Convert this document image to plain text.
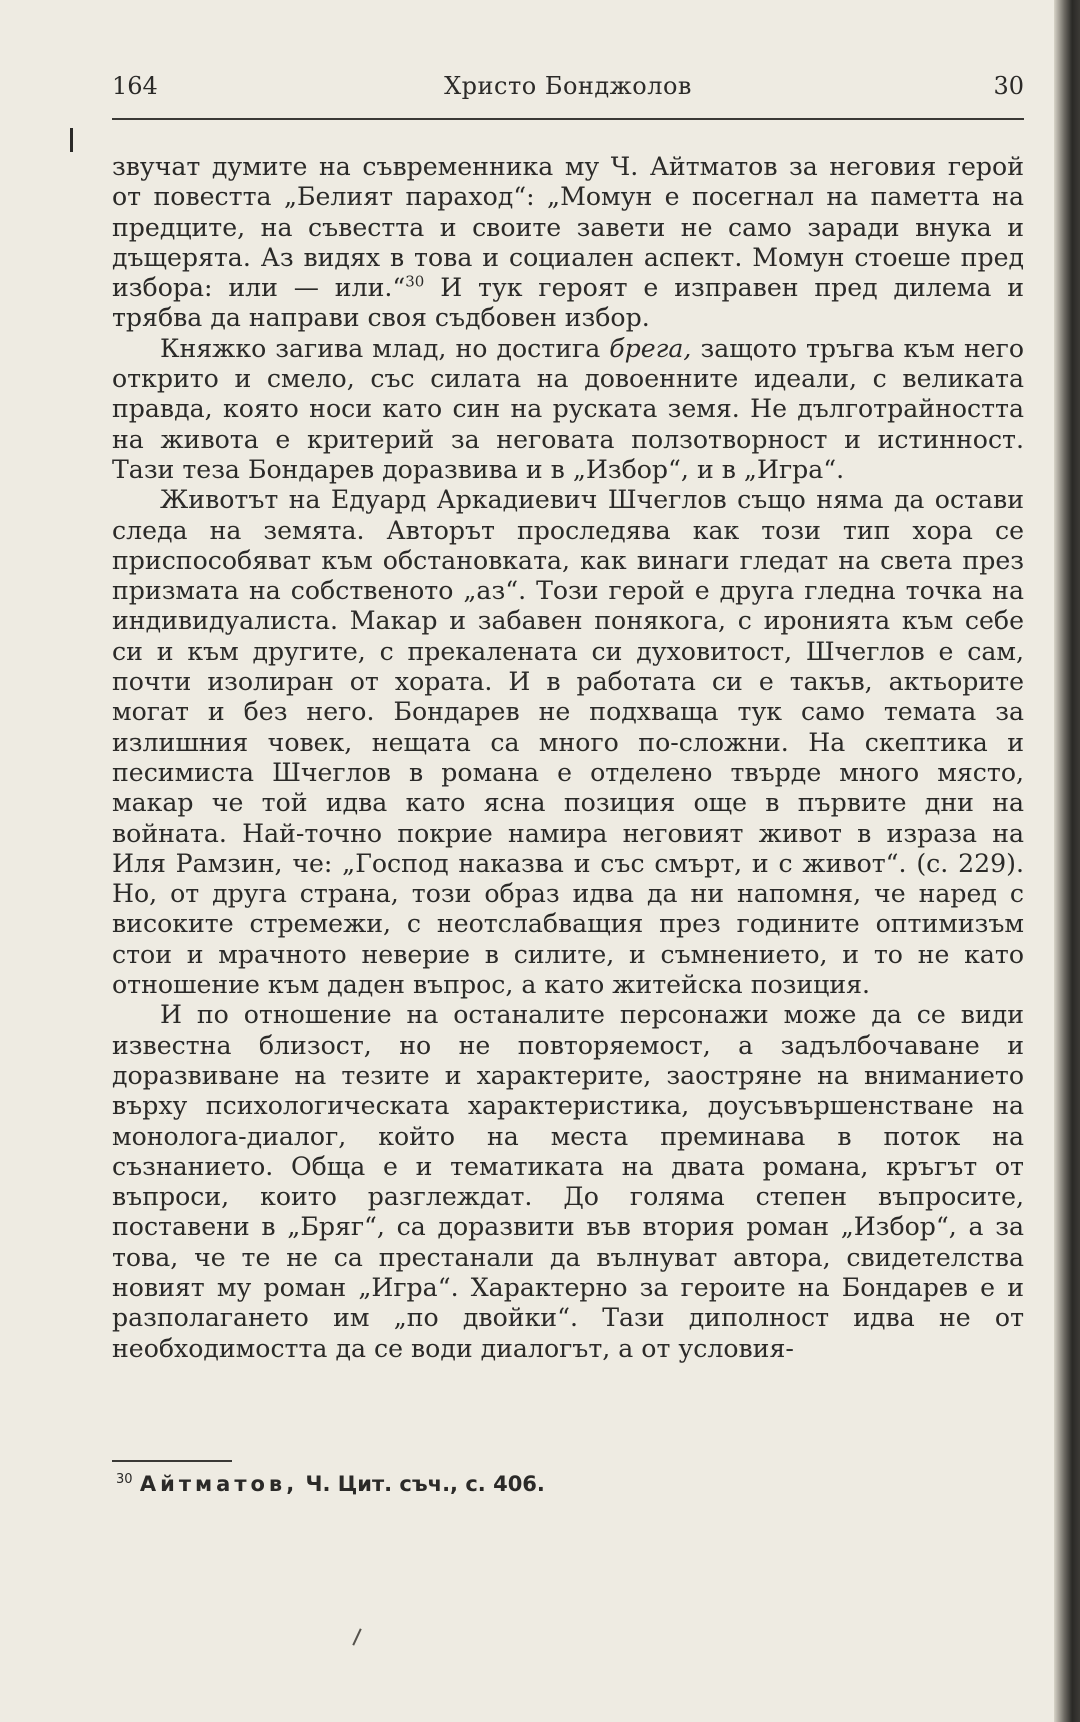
164	Христо Бонджолов	30

звучат думите на съвременника му Ч. Айтматов за неговия герой от повестта „Белият параход“: „Момун е посегнал на паметта на предците, на съвестта и своите завети не само заради внука и дъщерята. Аз видях в това и социален аспект. Момун стоеше пред избора: или — или.“$^{30}$ И тук героят е изправен пред дилема и трябва да направи своя съдбовен избор.

Княжко загива млад, но достига брега, защото тръгва към него открито и смело, със силата на довоенните идеали, с великата правда, която носи като син на руската земя. Не дълготрайността на живота е критерий за неговата ползотворност и истинност. Тази теза Бондарев доразвива и в „Избор“, и в „Игра“.

Животът на Едуард Аркадиевич Шчеглов също няма да остави следа на земята. Авторът проследява как този тип хора се приспособяват към обстановката, как винаги гледат на света през призмата на собственото „аз“. Този герой е друга гледна точка на индивидуалиста. Макар и забавен понякога, с иронията към себе си и към другите, с прекалената си духовитост, Шчеглов е сам, почти изолиран от хората. И в работата си е такъв, актьорите могат и без него. Бондарев не подхваща тук само темата за излишния човек, нещата са много по-сложни. На скептика и песимиста Шчеглов в романа е отделено твърде много място, макар че той идва като ясна позиция още в първите дни на войната. Най-точно покрие намира неговият живот в израза на Иля Рамзин, че: „Господ наказва и със смърт, и с живот“. (с. 229). Но, от друга страна, този образ идва да ни напомня, че наред с високите стремежи, с неотслабващия през годините оптимизъм стои и мрачното неверие в силите, и съмнението, и то не като отношение към даден въпрос, а като житейска позиция.

И по отношение на останалите персонажи може да се види известна близост, но не повторяемост, а задълбочаване и доразвиване на тезите и характерите, заостряне на вниманието върху психологическата характеристика, доусъвършенстване на монолога-диалог, който на места преминава в поток на съзнанието. Обща е и тематиката на двата романа, кръгът от въпроси, които разглеждат. До голяма степен въпросите, поставени в „Бряг“, са доразвити във втория роман „Избор“, а за това, че те не са престанали да вълнуват автора, свидетелства новият му роман „Игра“. Характерно за героите на Бондарев е и разполагането им „по двойки“. Тази диполност идва не от необходимостта да се води диалогът, а от условия-

$^{30}$ Айтматов, Ч. Цит. съч., с. 406.
